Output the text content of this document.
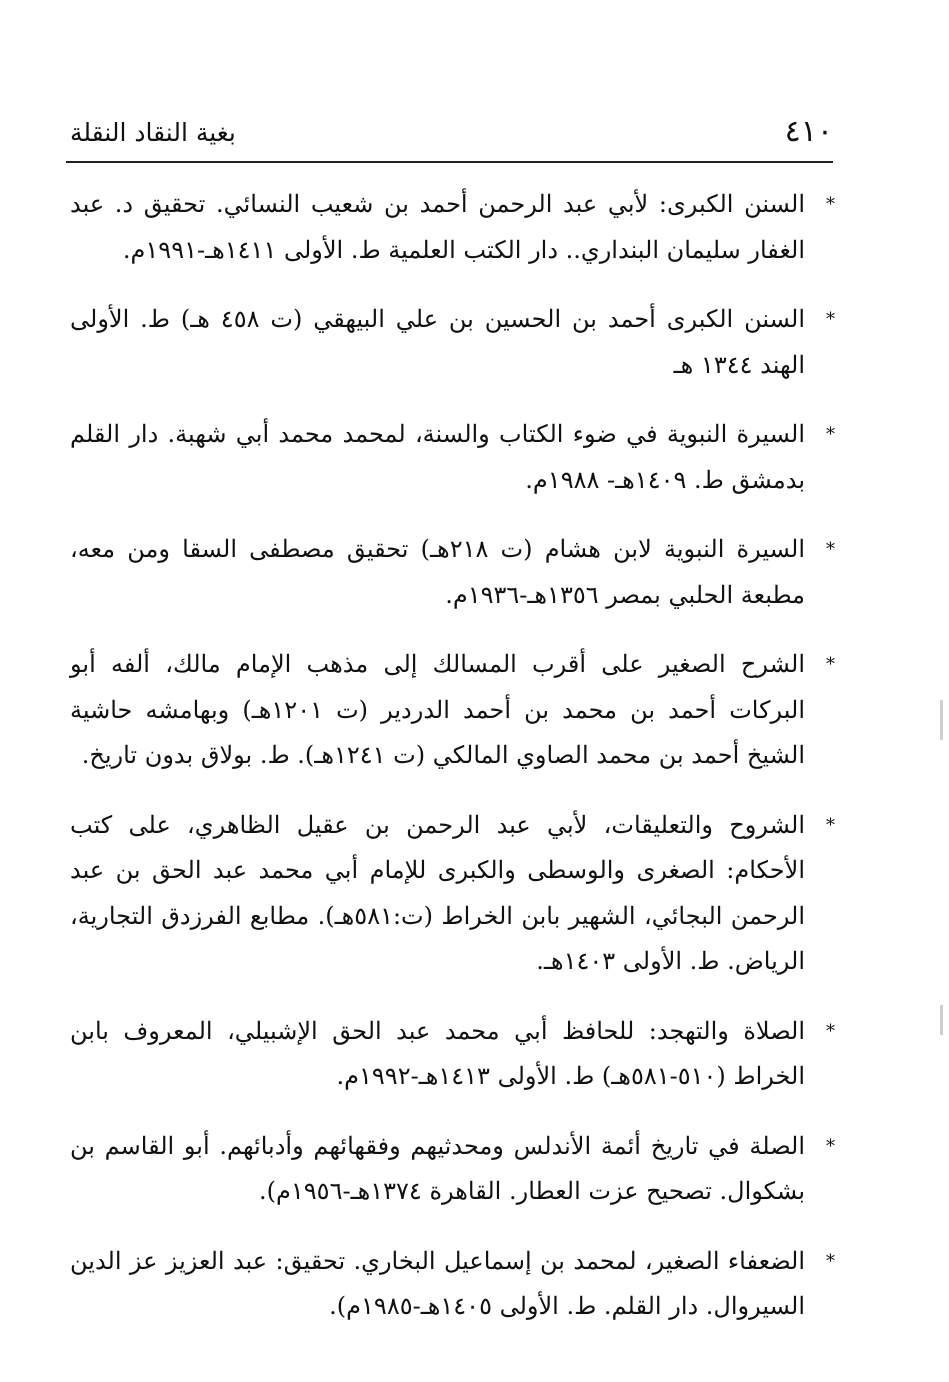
٤١٠
بغية النقاد النقلة

*
السنن الكبرى: لأبي عبد الرحمن أحمد بن شعيب النسائي. تحقيق د. عبد الغفار سليمان البنداري.. دار الكتب العلمية ط. الأولى ١٤١١هـ-١٩٩١م.

*
السنن الكبرى أحمد بن الحسين بن علي البيهقي (ت ٤٥٨ هـ) ط. الأولى الهند ١٣٤٤ هـ

*
السيرة النبوية في ضوء الكتاب والسنة، لمحمد محمد أبي شهبة. دار القلم بدمشق ط. ١٤٠٩هـ- ١٩٨٨م.

*
السيرة النبوية لابن هشام (ت ٢١٨هـ) تحقيق مصطفى السقا ومن معه، مطبعة الحلبي بمصر ١٣٥٦هـ-١٩٣٦م.

*
الشرح الصغير على أقرب المسالك إلى مذهب الإمام مالك، ألفه أبو البركات أحمد بن محمد بن أحمد الدردير (ت ١٢٠١هـ) وبهامشه حاشية الشيخ أحمد بن محمد الصاوي المالكي (ت ١٢٤١هـ). ط. بولاق بدون تاريخ.

*
الشروح والتعليقات، لأبي عبد الرحمن بن عقيل الظاهري، على كتب الأحكام: الصغرى والوسطى والكبرى للإمام أبي محمد عبد الحق بن عبد الرحمن البجائي، الشهير بابن الخراط (ت:٥٨١هـ). مطابع الفرزدق التجارية، الرياض. ط. الأولى ١٤٠٣هـ.

*
الصلاة والتهجد: للحافظ أبي محمد عبد الحق الإشبيلي، المعروف بابن الخراط (٥١٠-٥٨١هـ) ط. الأولى ١٤١٣هـ-١٩٩٢م.

*
الصلة في تاريخ أئمة الأندلس ومحدثيهم وفقهائهم وأدبائهم. أبو القاسم بن بشكوال. تصحيح عزت العطار. القاهرة ١٣٧٤هـ-١٩٥٦م).

*
الضعفاء الصغير، لمحمد بن إسماعيل البخاري. تحقيق: عبد العزيز عز الدين السيروال. دار القلم. ط. الأولى ١٤٠٥هـ-١٩٨٥م).
